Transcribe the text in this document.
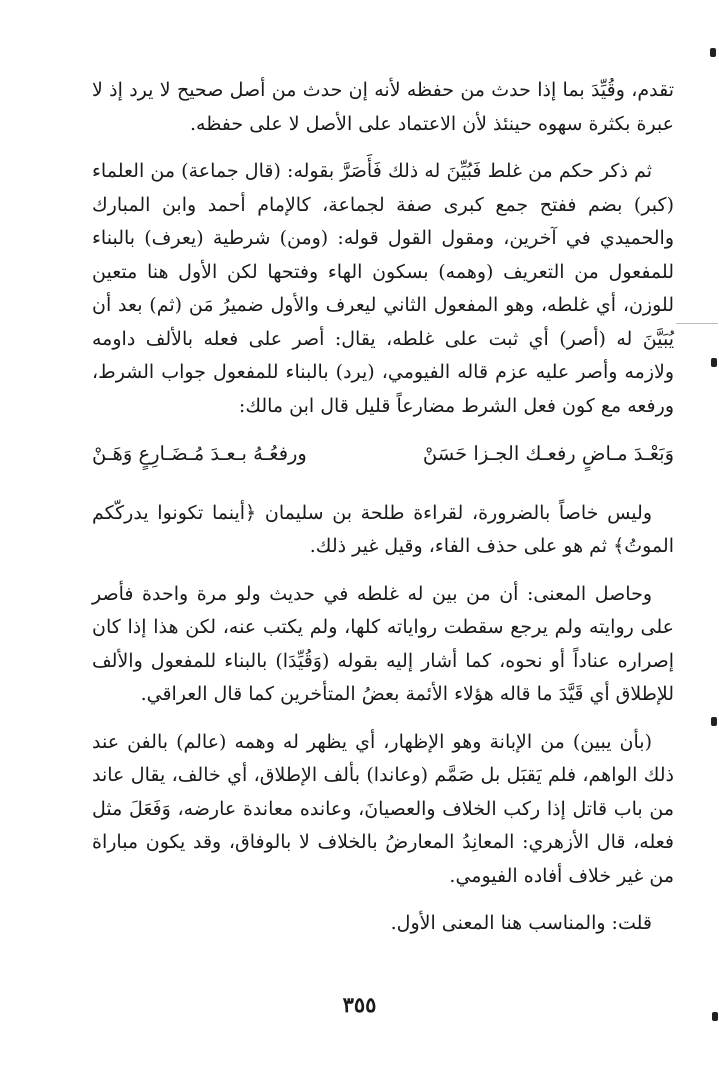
تقدم، وقُيِّدَ بما إذا حدث من حفظه لأنه إن حدث من أصل صحيح لا يرد إذ لا عبرة بكثرة سهوه حينئذ لأن الاعتماد على الأصل لا على حفظه.

ثم ذكر حكم من غلط فَبُيِّنَ له ذلك فَأَصَرَّ بقوله: (قال جماعة) من العلماء (كبر) بضم ففتح جمع كبرى صفة لجماعة، كالإمام أحمد وابن المبارك والحميدي في آخرين، ومقول القول قوله: (ومن) شرطية (يعرف) بالبناء للمفعول من التعريف (وهمه) بسكون الهاء وفتحها لكن الأول هنا متعين للوزن، أي غلطه، وهو المفعول الثاني ليعرف والأول ضميرُ مَن (ثم) بعد أن يُبَيَّنَ له (أصر) أي ثبت على غلطه، يقال: أصر على فعله بالألف داومه ولازمه وأصر عليه عزم قاله الفيومي، (يرد) بالبناء للمفعول جواب الشرط، ورفعه مع كون فعل الشرط مضارعاً قليل قال ابن مالك:

وَبَعْـدَ مـاضٍ رفعـك الجـزا حَسَنْ
ورفعُـهُ بـعـدَ مُـضَـارِعٍ وَهَـنْ

وليس خاصاً بالضرورة، لقراءة طلحة بن سليمان ﴿أينما تكونوا يدركّكم الموتُ﴾ ثم هو على حذف الفاء، وقيل غير ذلك.

وحاصل المعنى: أن من بين له غلطه في حديث ولو مرة واحدة فأصر على روايته ولم يرجع سقطت رواياته كلها، ولم يكتب عنه، لكن هذا إذا كان إصراره عناداً أو نحوه، كما أشار إليه بقوله (وَقُيِّدَا) بالبناء للمفعول والألف للإطلاق أي قَيَّدَ ما قاله هؤلاء الأئمة بعضُ المتأخرين كما قال العراقي.

(بأن يبين) من الإبانة وهو الإظهار، أي يظهر له وهمه (عالم) بالفن عند ذلك الواهم، فلم يَقبَل بل صَمَّم (وعاندا) بألف الإطلاق، أي خالف، يقال عاند من باب قاتل إذا ركب الخلاف والعصيانَ، وعانده معاندة عارضه، وَفَعَلَ مثل فعله، قال الأزهري: المعانِدُ المعارضُ بالخلاف لا بالوفاق، وقد يكون مباراة من غير خلاف أفاده الفيومي.

قلت: والمناسب هنا المعنى الأول.

٣٥٥
